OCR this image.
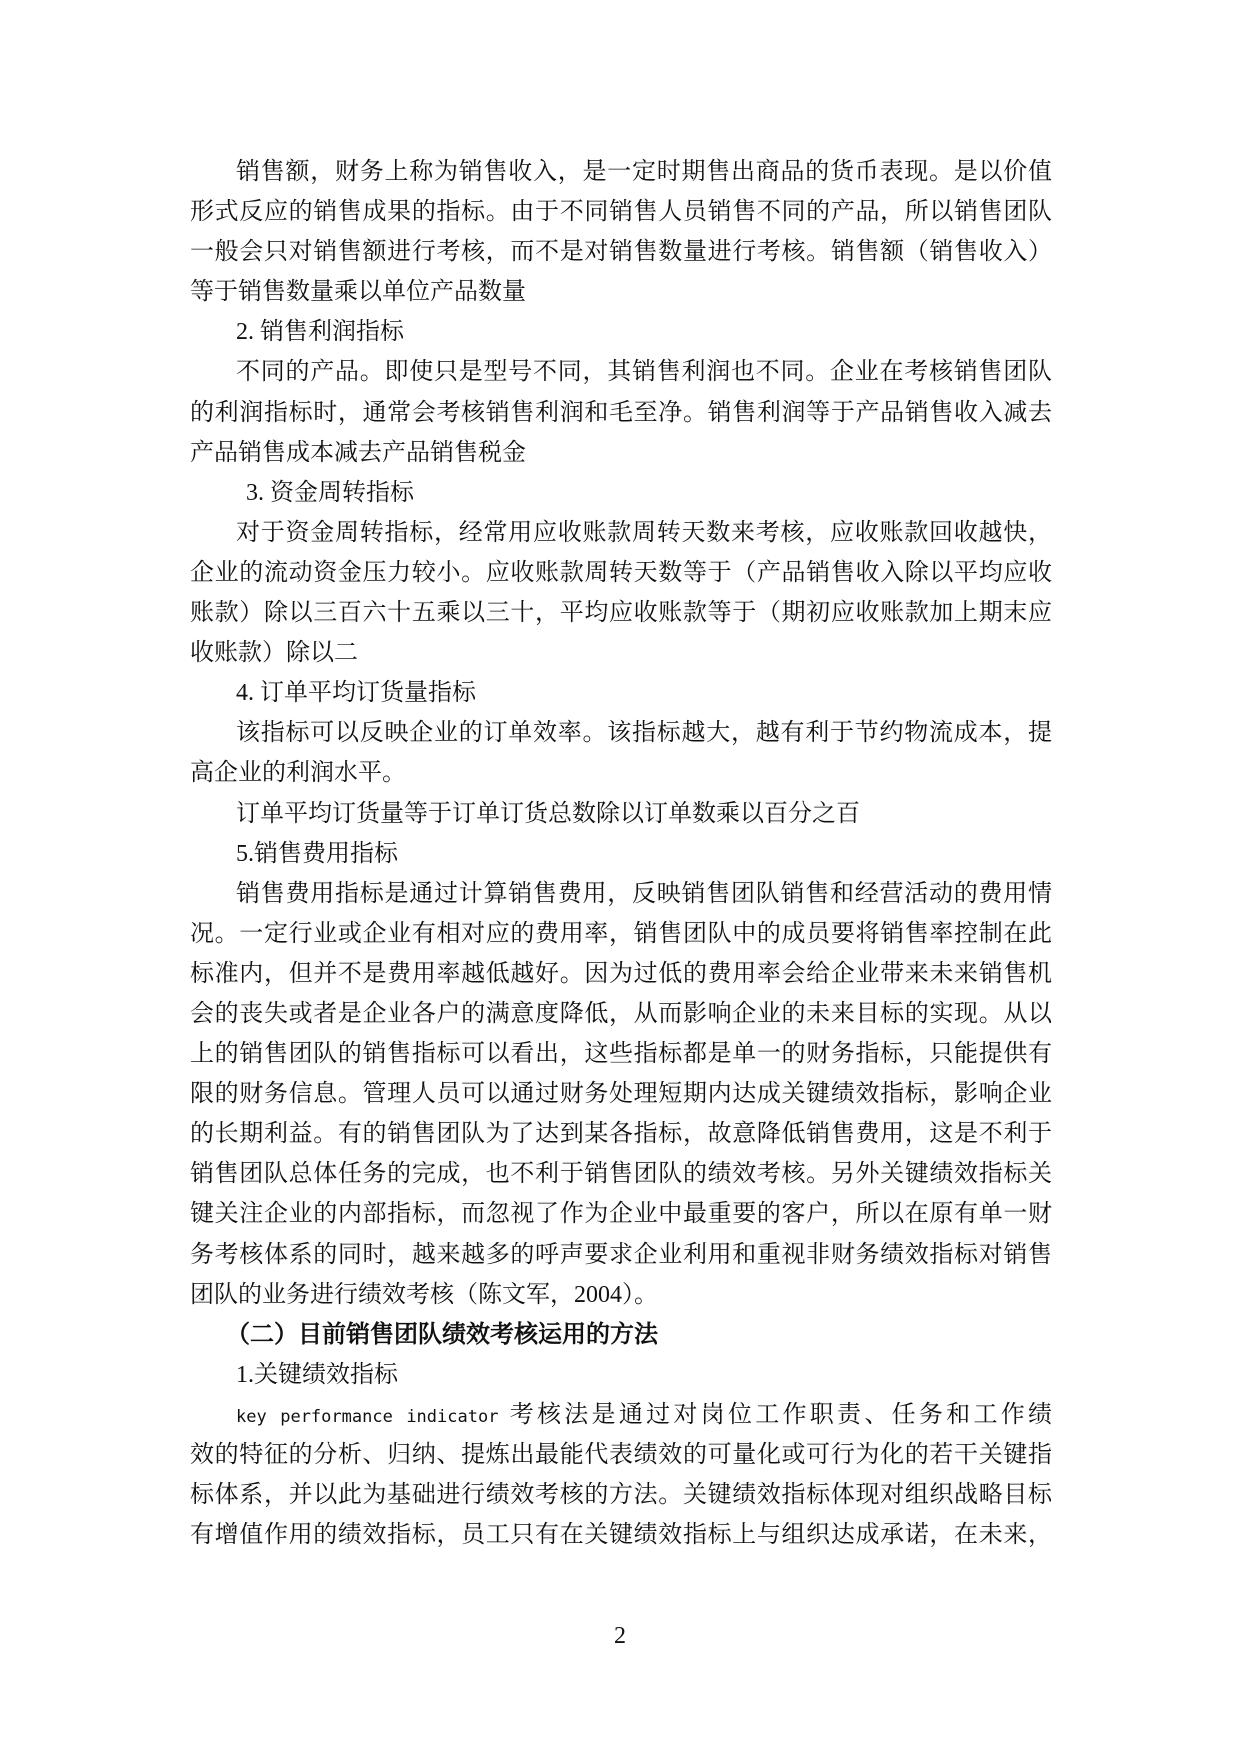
销售额，财务上称为销售收入，是一定时期售出商品的货币表现。是以价值
形式反应的销售成果的指标。由于不同销售人员销售不同的产品，所以销售团队
一般会只对销售额进行考核，而不是对销售数量进行考核。销售额（销售收入）
等于销售数量乘以单位产品数量
2. 销售利润指标
不同的产品。即使只是型号不同，其销售利润也不同。企业在考核销售团队
的利润指标时，通常会考核销售利润和毛至净。销售利润等于产品销售收入减去
产品销售成本减去产品销售税金
3. 资金周转指标
对于资金周转指标，经常用应收账款周转天数来考核，应收账款回收越快，
企业的流动资金压力较小。应收账款周转天数等于（产品销售收入除以平均应收
账款）除以三百六十五乘以三十，平均应收账款等于（期初应收账款加上期末应
收账款）除以二
4. 订单平均订货量指标
该指标可以反映企业的订单效率。该指标越大，越有利于节约物流成本，提
高企业的利润水平。
订单平均订货量等于订单订货总数除以订单数乘以百分之百
5.销售费用指标
销售费用指标是通过计算销售费用，反映销售团队销售和经营活动的费用情
况。一定行业或企业有相对应的费用率，销售团队中的成员要将销售率控制在此
标准内，但并不是费用率越低越好。因为过低的费用率会给企业带来未来销售机
会的丧失或者是企业各户的满意度降低，从而影响企业的未来目标的实现。从以
上的销售团队的销售指标可以看出，这些指标都是单一的财务指标，只能提供有
限的财务信息。管理人员可以通过财务处理短期内达成关键绩效指标，影响企业
的长期利益。有的销售团队为了达到某各指标，故意降低销售费用，这是不利于
销售团队总体任务的完成，也不利于销售团队的绩效考核。另外关键绩效指标关
键关注企业的内部指标，而忽视了作为企业中最重要的客户，所以在原有单一财
务考核体系的同时，越来越多的呼声要求企业利用和重视非财务绩效指标对销售
团队的业务进行绩效考核（陈文军，2004）。
（二）目前销售团队绩效考核运用的方法
1.关键绩效指标
key performance indicator 考核法是通过对岗位工作职责、任务和工作绩
效的特征的分析、归纳、提炼出最能代表绩效的可量化或可行为化的若干关键指
标体系，并以此为基础进行绩效考核的方法。关键绩效指标体现对组织战略目标
有增值作用的绩效指标，员工只有在关键绩效指标上与组织达成承诺，在未来，
2
